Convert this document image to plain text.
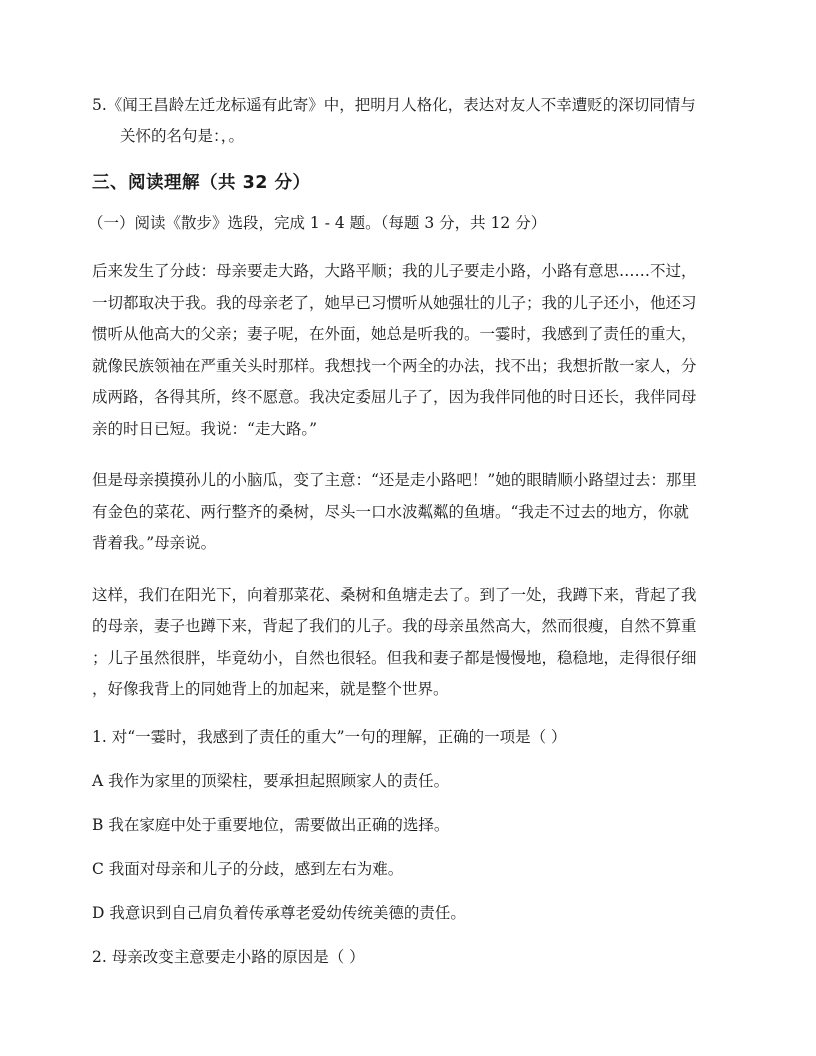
5.《闻王昌龄左迁龙标遥有此寄》中，把明月人格化，表达对友人不幸遭贬的深切同情与
关怀的名句是：，。
三、阅读理解（共 32 分）
（一）阅读《散步》选段，完成 1 - 4 题。（每题 3 分，共 12 分）
后来发生了分歧：母亲要走大路，大路平顺；我的儿子要走小路，小路有意思……不过，
一切都取决于我。我的母亲老了，她早已习惯听从她强壮的儿子；我的儿子还小，他还习
惯听从他高大的父亲；妻子呢，在外面，她总是听我的。一霎时，我感到了责任的重大，
就像民族领袖在严重关头时那样。我想找一个两全的办法，找不出；我想折散一家人，分
成两路，各得其所，终不愿意。我决定委屈儿子了，因为我伴同他的时日还长，我伴同母
亲的时日已短。我说：“走大路。”
但是母亲摸摸孙儿的小脑瓜，变了主意：“还是走小路吧！”她的眼睛顺小路望过去：那里
有金色的菜花、两行整齐的桑树，尽头一口水波粼粼的鱼塘。“我走不过去的地方，你就
背着我。”母亲说。
这样，我们在阳光下，向着那菜花、桑树和鱼塘走去了。到了一处，我蹲下来，背起了我
的母亲，妻子也蹲下来，背起了我们的儿子。我的母亲虽然高大，然而很瘦，自然不算重
；儿子虽然很胖，毕竟幼小，自然也很轻。但我和妻子都是慢慢地，稳稳地，走得很仔细
，好像我背上的同她背上的加起来，就是整个世界。
1. 对“一霎时，我感到了责任的重大”一句的理解，正确的一项是（ ）
A 我作为家里的顶梁柱，要承担起照顾家人的责任。
B 我在家庭中处于重要地位，需要做出正确的选择。
C 我面对母亲和儿子的分歧，感到左右为难。
D 我意识到自己肩负着传承尊老爱幼传统美德的责任。
2. 母亲改变主意要走小路的原因是（ ）
